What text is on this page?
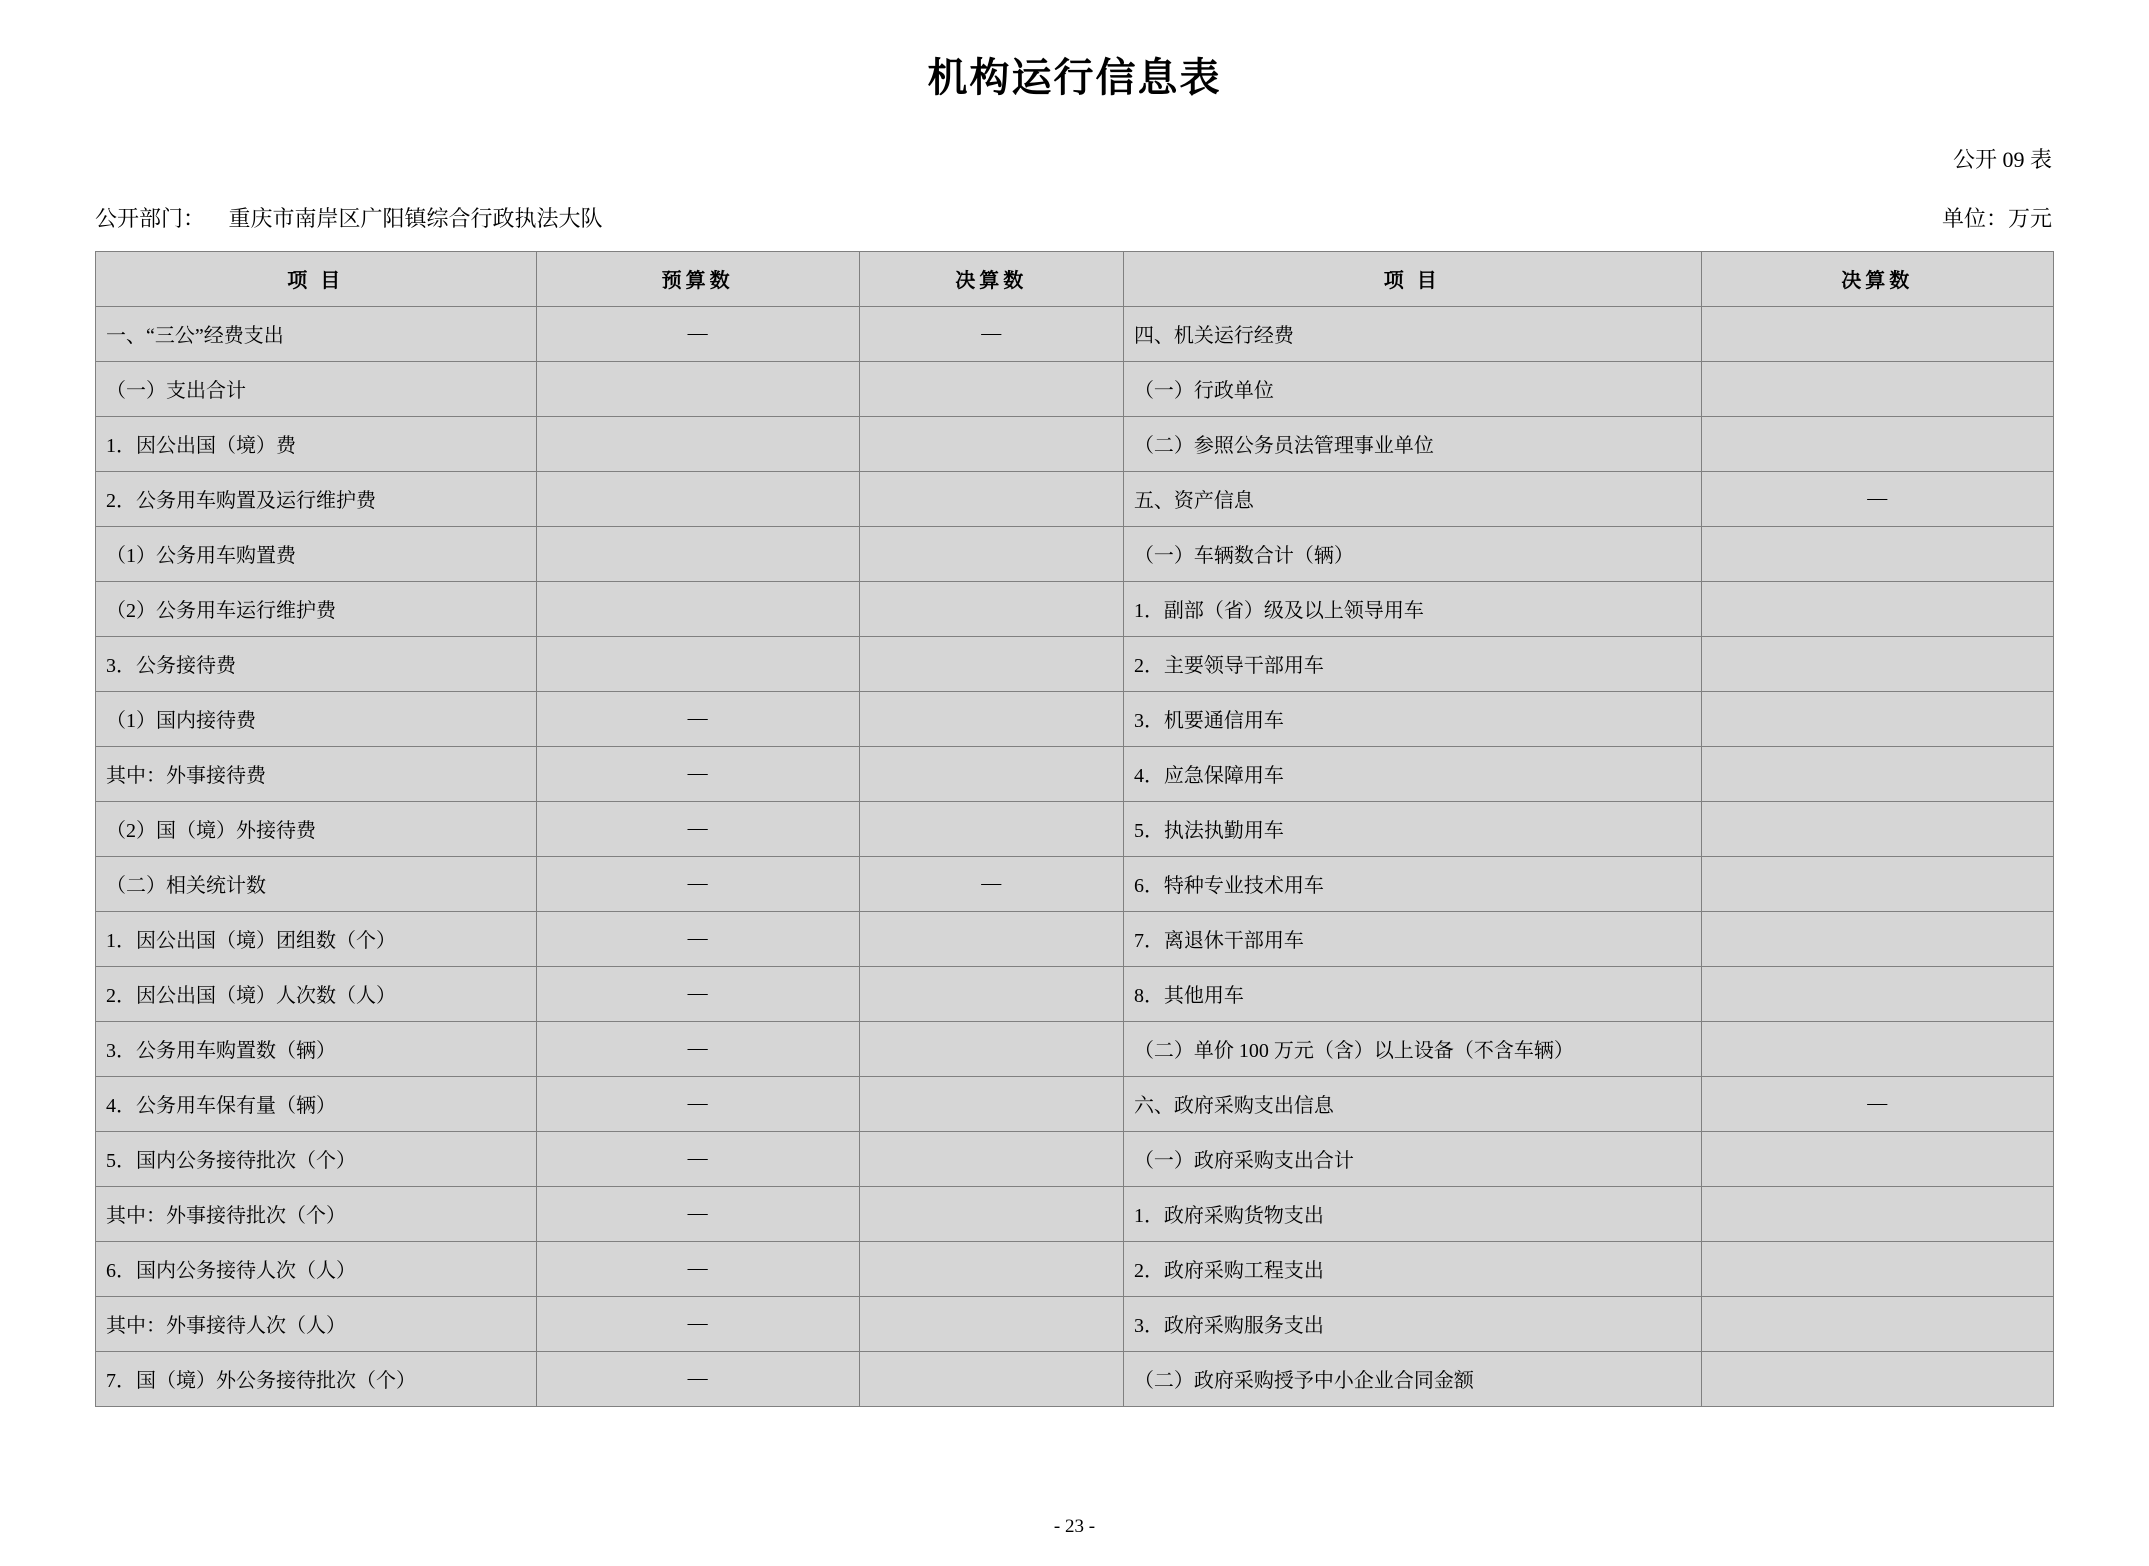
机构运行信息表
公开 09 表
公开部门： 重庆市南岸区广阳镇综合行政执法大队	单位：万元
项 目	预算数	决算数	项 目	决算数
一、“三公”经费支出	—	—	四、机关运行经费	
（一）支出合计			（一）行政单位	
1．因公出国（境）费			（二）参照公务员法管理事业单位	
2．公务用车购置及运行维护费			五、资产信息	—
（1）公务用车购置费			（一）车辆数合计（辆）	
（2）公务用车运行维护费			1．副部（省）级及以上领导用车	
3．公务接待费			2．主要领导干部用车	
（1）国内接待费	—		3．机要通信用车	
其中：外事接待费	—		4．应急保障用车	
（2）国（境）外接待费	—		5．执法执勤用车	
（二）相关统计数	—	—	6．特种专业技术用车	
1．因公出国（境）团组数（个）	—		7．离退休干部用车	
2．因公出国（境）人次数（人）	—		8．其他用车	
3．公务用车购置数（辆）	—		（二）单价 100 万元（含）以上设备（不含车辆）	
4．公务用车保有量（辆）	—		六、政府采购支出信息	—
5．国内公务接待批次（个）	—		（一）政府采购支出合计	
其中：外事接待批次（个）	—		1．政府采购货物支出	
6．国内公务接待人次（人）	—		2．政府采购工程支出	
其中：外事接待人次（人）	—		3．政府采购服务支出	
7．国（境）外公务接待批次（个）	—		（二）政府采购授予中小企业合同金额	
- 23 -
